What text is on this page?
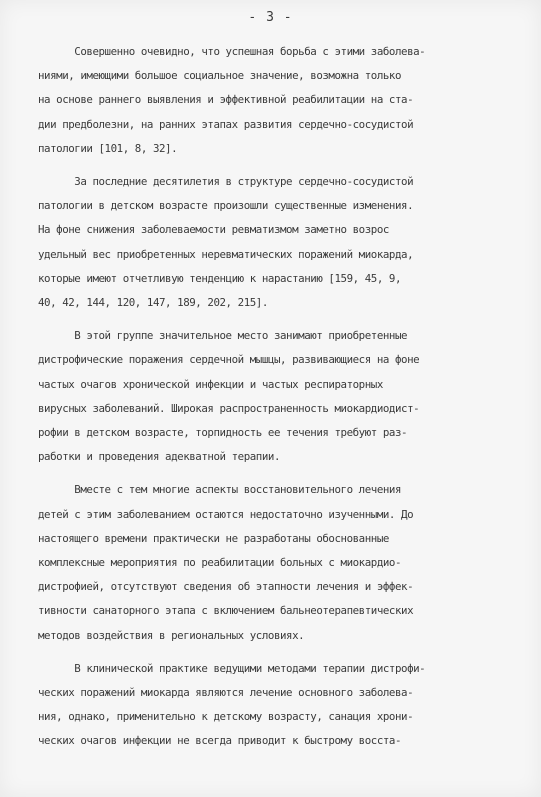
- 3 -
Совершенно очевидно, что успешная борьба с этими заболева-
ниями, имеющими большое социальное значение, возможна только
на основе раннего выявления и эффективной реабилитации на ста-
дии предболезни, на ранних этапах развития сердечно-сосудистой
патологии [101, 8, 32].
За последние десятилетия в структуре сердечно-сосудистой
патологии в детском возрасте произошли существенные изменения.
На фоне снижения заболеваемости ревматизмом заметно возрос
удельный вес приобретенных неревматических поражений миокарда,
которые имеют отчетливую тенденцию к нарастанию [159, 45, 9,
40, 42, 144, 120, 147, 189, 202, 215].
В этой группе значительное место занимают приобретенные
дистрофические поражения сердечной мышцы, развивающиеся на фоне
частых очагов хронической инфекции и частых респираторных
вирусных заболеваний. Широкая распространенность миокардиодист-
рофии в детском возрасте, торпидность ее течения требуют раз-
работки и проведения адекватной терапии.
Вместе с тем многие аспекты восстановительного лечения
детей с этим заболеванием остаются недостаточно изученными. До
настоящего времени практически не разработаны обоснованные
комплексные мероприятия по реабилитации больных с миокардио-
дистрофией, отсутствуют сведения об этапности лечения и эффек-
тивности санаторного этапа с включением бальнеотерапевтических
методов воздействия в региональных условиях.
В клинической практике ведущими методами терапии дистрофи-
ческих поражений миокарда являются лечение основного заболева-
ния, однако, применительно к детскому возрасту, санация хрони-
ческих очагов инфекции не всегда приводит к быстрому восста-
